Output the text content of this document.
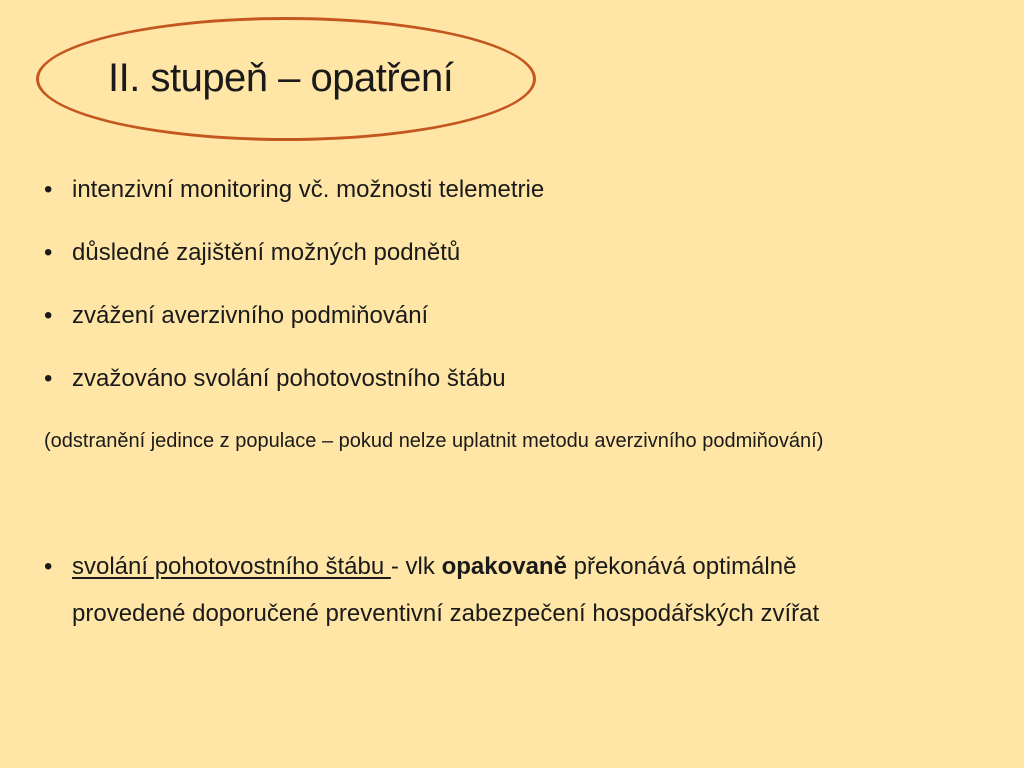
II. stupeň – opatření
• intenzivní monitoring vč. možnosti telemetrie
• důsledné zajištění možných podnětů
• zvážení averzivního podmiňování
• zvažováno svolání pohotovostního štábu
(odstranění jedince z populace – pokud nelze uplatnit metodu averzivního podmiňování)
• svolání pohotovostního štábu - vlk opakovaně překonává optimálně
provedené doporučené preventivní zabezpečení hospodářských zvířat
